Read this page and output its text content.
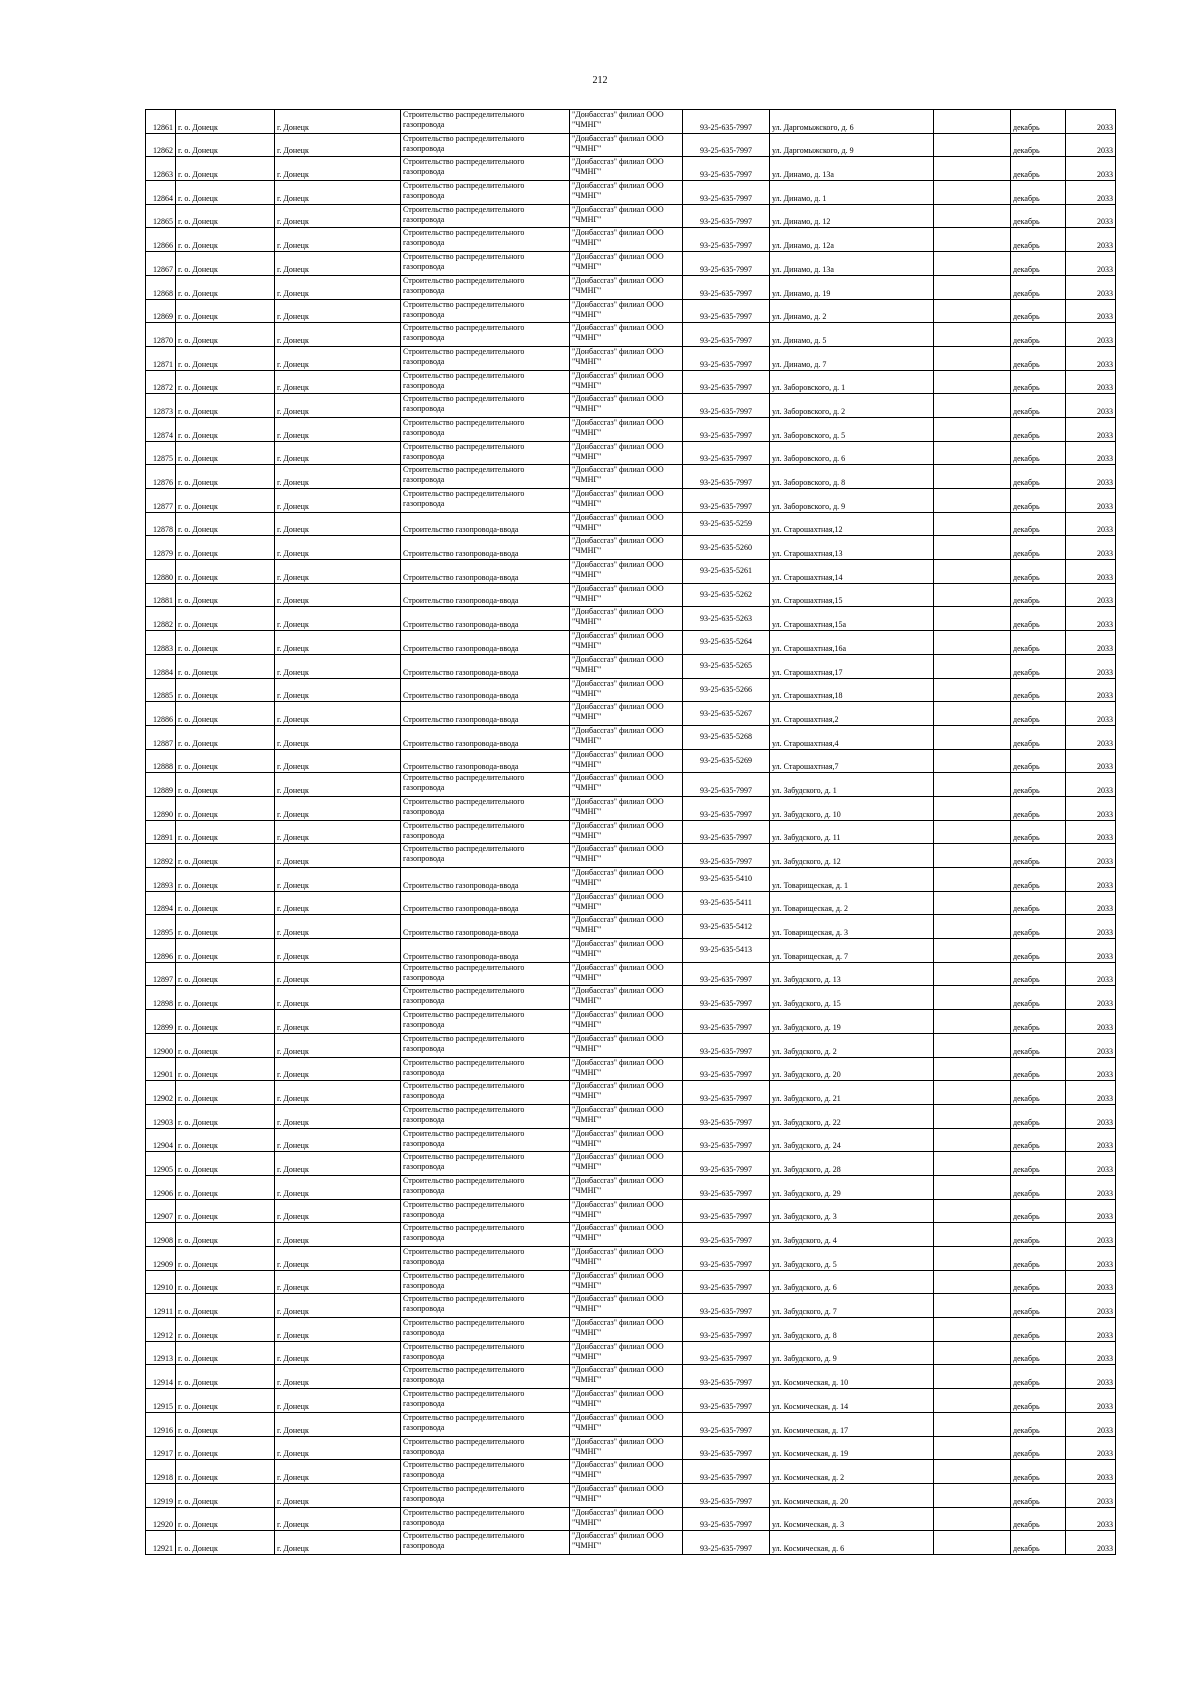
212
12861	г. о. Донецк	г. Донецк	Строительство распределительного
газопровода	"Донбассгаз" филиал ООО
"ЧМНГ"	93-25-635-7997	ул. Даргомыжского, д. 6		декабрь	2033

12862	г. о. Донецк	г. Донецк	Строительство распределительного
газопровода	"Донбассгаз" филиал ООО
"ЧМНГ"	93-25-635-7997	ул. Даргомыжского, д. 9		декабрь	2033

12863	г. о. Донецк	г. Донецк	Строительство распределительного
газопровода	"Донбассгаз" филиал ООО
"ЧМНГ"	93-25-635-7997	ул. Динамо, д. 13а		декабрь	2033

12864	г. о. Донецк	г. Донецк	Строительство распределительного
газопровода	"Донбассгаз" филиал ООО
"ЧМНГ"	93-25-635-7997	ул. Динамо, д. 1		декабрь	2033

12865	г. о. Донецк	г. Донецк	Строительство распределительного
газопровода	"Донбассгаз" филиал ООО
"ЧМНГ"	93-25-635-7997	ул. Динамо, д. 12		декабрь	2033

12866	г. о. Донецк	г. Донецк	Строительство распределительного
газопровода	"Донбассгаз" филиал ООО
"ЧМНГ"	93-25-635-7997	ул. Динамо, д. 12а		декабрь	2033

12867	г. о. Донецк	г. Донецк	Строительство распределительного
газопровода	"Донбассгаз" филиал ООО
"ЧМНГ"	93-25-635-7997	ул. Динамо, д. 13а		декабрь	2033

12868	г. о. Донецк	г. Донецк	Строительство распределительного
газопровода	"Донбассгаз" филиал ООО
"ЧМНГ"	93-25-635-7997	ул. Динамо, д. 19		декабрь	2033

12869	г. о. Донецк	г. Донецк	Строительство распределительного
газопровода	"Донбассгаз" филиал ООО
"ЧМНГ"	93-25-635-7997	ул. Динамо, д. 2		декабрь	2033

12870	г. о. Донецк	г. Донецк	Строительство распределительного
газопровода	"Донбассгаз" филиал ООО
"ЧМНГ"	93-25-635-7997	ул. Динамо, д. 5		декабрь	2033

12871	г. о. Донецк	г. Донецк	Строительство распределительного
газопровода	"Донбассгаз" филиал ООО
"ЧМНГ"	93-25-635-7997	ул. Динамо, д. 7		декабрь	2033

12872	г. о. Донецк	г. Донецк	Строительство распределительного
газопровода	"Донбассгаз" филиал ООО
"ЧМНГ"	93-25-635-7997	ул. Заборовского, д. 1		декабрь	2033

12873	г. о. Донецк	г. Донецк	Строительство распределительного
газопровода	"Донбассгаз" филиал ООО
"ЧМНГ"	93-25-635-7997	ул. Заборовского, д. 2		декабрь	2033

12874	г. о. Донецк	г. Донецк	Строительство распределительного
газопровода	"Донбассгаз" филиал ООО
"ЧМНГ"	93-25-635-7997	ул. Заборовского, д. 5		декабрь	2033

12875	г. о. Донецк	г. Донецк	Строительство распределительного
газопровода	"Донбассгаз" филиал ООО
"ЧМНГ"	93-25-635-7997	ул. Заборовского, д. 6		декабрь	2033

12876	г. о. Донецк	г. Донецк	Строительство распределительного
газопровода	"Донбассгаз" филиал ООО
"ЧМНГ"	93-25-635-7997	ул. Заборовского, д. 8		декабрь	2033

12877	г. о. Донецк	г. Донецк	Строительство распределительного
газопровода	"Донбассгаз" филиал ООО
"ЧМНГ"	93-25-635-7997	ул. Заборовского, д. 9		декабрь	2033

12878	г. о. Донецк	г. Донецк	Строительство газопровода-ввода	"Донбассгаз" филиал ООО
"ЧМНГ"	93-25-635-5259	ул. Старошахтная,12		декабрь	2033

12879	г. о. Донецк	г. Донецк	Строительство газопровода-ввода	"Донбассгаз" филиал ООО
"ЧМНГ"	93-25-635-5260	ул. Старошахтная,13		декабрь	2033

12880	г. о. Донецк	г. Донецк	Строительство газопровода-ввода	"Донбассгаз" филиал ООО
"ЧМНГ"	93-25-635-5261	ул. Старошахтная,14		декабрь	2033

12881	г. о. Донецк	г. Донецк	Строительство газопровода-ввода	"Донбассгаз" филиал ООО
"ЧМНГ"	93-25-635-5262	ул. Старошахтная,15		декабрь	2033

12882	г. о. Донецк	г. Донецк	Строительство газопровода-ввода	"Донбассгаз" филиал ООО
"ЧМНГ"	93-25-635-5263	ул. Старошахтная,15а		декабрь	2033

12883	г. о. Донецк	г. Донецк	Строительство газопровода-ввода	"Донбассгаз" филиал ООО
"ЧМНГ"	93-25-635-5264	ул. Старошахтная,16а		декабрь	2033

12884	г. о. Донецк	г. Донецк	Строительство газопровода-ввода	"Донбассгаз" филиал ООО
"ЧМНГ"	93-25-635-5265	ул. Старошахтная,17		декабрь	2033

12885	г. о. Донецк	г. Донецк	Строительство газопровода-ввода	"Донбассгаз" филиал ООО
"ЧМНГ"	93-25-635-5266	ул. Старошахтная,18		декабрь	2033

12886	г. о. Донецк	г. Донецк	Строительство газопровода-ввода	"Донбассгаз" филиал ООО
"ЧМНГ"	93-25-635-5267	ул. Старошахтная,2		декабрь	2033

12887	г. о. Донецк	г. Донецк	Строительство газопровода-ввода	"Донбассгаз" филиал ООО
"ЧМНГ"	93-25-635-5268	ул. Старошахтная,4		декабрь	2033

12888	г. о. Донецк	г. Донецк	Строительство газопровода-ввода	"Донбассгаз" филиал ООО
"ЧМНГ"	93-25-635-5269	ул. Старошахтная,7		декабрь	2033

12889	г. о. Донецк	г. Донецк	Строительство распределительного
газопровода	"Донбассгаз" филиал ООО
"ЧМНГ"	93-25-635-7997	ул. Забудского, д. 1		декабрь	2033

12890	г. о. Донецк	г. Донецк	Строительство распределительного
газопровода	"Донбассгаз" филиал ООО
"ЧМНГ"	93-25-635-7997	ул. Забудского, д. 10		декабрь	2033

12891	г. о. Донецк	г. Донецк	Строительство распределительного
газопровода	"Донбассгаз" филиал ООО
"ЧМНГ"	93-25-635-7997	ул. Забудского, д. 11		декабрь	2033

12892	г. о. Донецк	г. Донецк	Строительство распределительного
газопровода	"Донбассгаз" филиал ООО
"ЧМНГ"	93-25-635-7997	ул. Забудского, д. 12		декабрь	2033

12893	г. о. Донецк	г. Донецк	Строительство газопровода-ввода	"Донбассгаз" филиал ООО
"ЧМНГ"	93-25-635-5410	ул. Товарищеская, д. 1		декабрь	2033

12894	г. о. Донецк	г. Донецк	Строительство газопровода-ввода	"Донбассгаз" филиал ООО
"ЧМНГ"	93-25-635-5411	ул. Товарищеская, д. 2		декабрь	2033

12895	г. о. Донецк	г. Донецк	Строительство газопровода-ввода	"Донбассгаз" филиал ООО
"ЧМНГ"	93-25-635-5412	ул. Товарищеская, д. 3		декабрь	2033

12896	г. о. Донецк	г. Донецк	Строительство газопровода-ввода	"Донбассгаз" филиал ООО
"ЧМНГ"	93-25-635-5413	ул. Товарищеская, д. 7		декабрь	2033

12897	г. о. Донецк	г. Донецк	Строительство распределительного
газопровода	"Донбассгаз" филиал ООО
"ЧМНГ"	93-25-635-7997	ул. Забудского, д. 13		декабрь	2033

12898	г. о. Донецк	г. Донецк	Строительство распределительного
газопровода	"Донбассгаз" филиал ООО
"ЧМНГ"	93-25-635-7997	ул. Забудского, д. 15		декабрь	2033

12899	г. о. Донецк	г. Донецк	Строительство распределительного
газопровода	"Донбассгаз" филиал ООО
"ЧМНГ"	93-25-635-7997	ул. Забудского, д. 19		декабрь	2033

12900	г. о. Донецк	г. Донецк	Строительство распределительного
газопровода	"Донбассгаз" филиал ООО
"ЧМНГ"	93-25-635-7997	ул. Забудского, д. 2		декабрь	2033

12901	г. о. Донецк	г. Донецк	Строительство распределительного
газопровода	"Донбассгаз" филиал ООО
"ЧМНГ"	93-25-635-7997	ул. Забудского, д. 20		декабрь	2033

12902	г. о. Донецк	г. Донецк	Строительство распределительного
газопровода	"Донбассгаз" филиал ООО
"ЧМНГ"	93-25-635-7997	ул. Забудского, д. 21		декабрь	2033

12903	г. о. Донецк	г. Донецк	Строительство распределительного
газопровода	"Донбассгаз" филиал ООО
"ЧМНГ"	93-25-635-7997	ул. Забудского, д. 22		декабрь	2033

12904	г. о. Донецк	г. Донецк	Строительство распределительного
газопровода	"Донбассгаз" филиал ООО
"ЧМНГ"	93-25-635-7997	ул. Забудского, д. 24		декабрь	2033

12905	г. о. Донецк	г. Донецк	Строительство распределительного
газопровода	"Донбассгаз" филиал ООО
"ЧМНГ"	93-25-635-7997	ул. Забудского, д. 28		декабрь	2033

12906	г. о. Донецк	г. Донецк	Строительство распределительного
газопровода	"Донбассгаз" филиал ООО
"ЧМНГ"	93-25-635-7997	ул. Забудского, д. 29		декабрь	2033

12907	г. о. Донецк	г. Донецк	Строительство распределительного
газопровода	"Донбассгаз" филиал ООО
"ЧМНГ"	93-25-635-7997	ул. Забудского, д. 3		декабрь	2033

12908	г. о. Донецк	г. Донецк	Строительство распределительного
газопровода	"Донбассгаз" филиал ООО
"ЧМНГ"	93-25-635-7997	ул. Забудского, д. 4		декабрь	2033

12909	г. о. Донецк	г. Донецк	Строительство распределительного
газопровода	"Донбассгаз" филиал ООО
"ЧМНГ"	93-25-635-7997	ул. Забудского, д. 5		декабрь	2033

12910	г. о. Донецк	г. Донецк	Строительство распределительного
газопровода	"Донбассгаз" филиал ООО
"ЧМНГ"	93-25-635-7997	ул. Забудского, д. 6		декабрь	2033

12911	г. о. Донецк	г. Донецк	Строительство распределительного
газопровода	"Донбассгаз" филиал ООО
"ЧМНГ"	93-25-635-7997	ул. Забудского, д. 7		декабрь	2033

12912	г. о. Донецк	г. Донецк	Строительство распределительного
газопровода	"Донбассгаз" филиал ООО
"ЧМНГ"	93-25-635-7997	ул. Забудского, д. 8		декабрь	2033

12913	г. о. Донецк	г. Донецк	Строительство распределительного
газопровода	"Донбассгаз" филиал ООО
"ЧМНГ"	93-25-635-7997	ул. Забудского, д. 9		декабрь	2033

12914	г. о. Донецк	г. Донецк	Строительство распределительного
газопровода	"Донбассгаз" филиал ООО
"ЧМНГ"	93-25-635-7997	ул. Космическая, д. 10		декабрь	2033

12915	г. о. Донецк	г. Донецк	Строительство распределительного
газопровода	"Донбассгаз" филиал ООО
"ЧМНГ"	93-25-635-7997	ул. Космическая, д. 14		декабрь	2033

12916	г. о. Донецк	г. Донецк	Строительство распределительного
газопровода	"Донбассгаз" филиал ООО
"ЧМНГ"	93-25-635-7997	ул. Космическая, д. 17		декабрь	2033

12917	г. о. Донецк	г. Донецк	Строительство распределительного
газопровода	"Донбассгаз" филиал ООО
"ЧМНГ"	93-25-635-7997	ул. Космическая, д. 19		декабрь	2033

12918	г. о. Донецк	г. Донецк	Строительство распределительного
газопровода	"Донбассгаз" филиал ООО
"ЧМНГ"	93-25-635-7997	ул. Космическая, д. 2		декабрь	2033

12919	г. о. Донецк	г. Донецк	Строительство распределительного
газопровода	"Донбассгаз" филиал ООО
"ЧМНГ"	93-25-635-7997	ул. Космическая, д. 20		декабрь	2033

12920	г. о. Донецк	г. Донецк	Строительство распределительного
газопровода	"Донбассгаз" филиал ООО
"ЧМНГ"	93-25-635-7997	ул. Космическая, д. 3		декабрь	2033

12921	г. о. Донецк	г. Донецк	Строительство распределительного
газопровода	"Донбассгаз" филиал ООО
"ЧМНГ"	93-25-635-7997	ул. Космическая, д. 6		декабрь	2033
